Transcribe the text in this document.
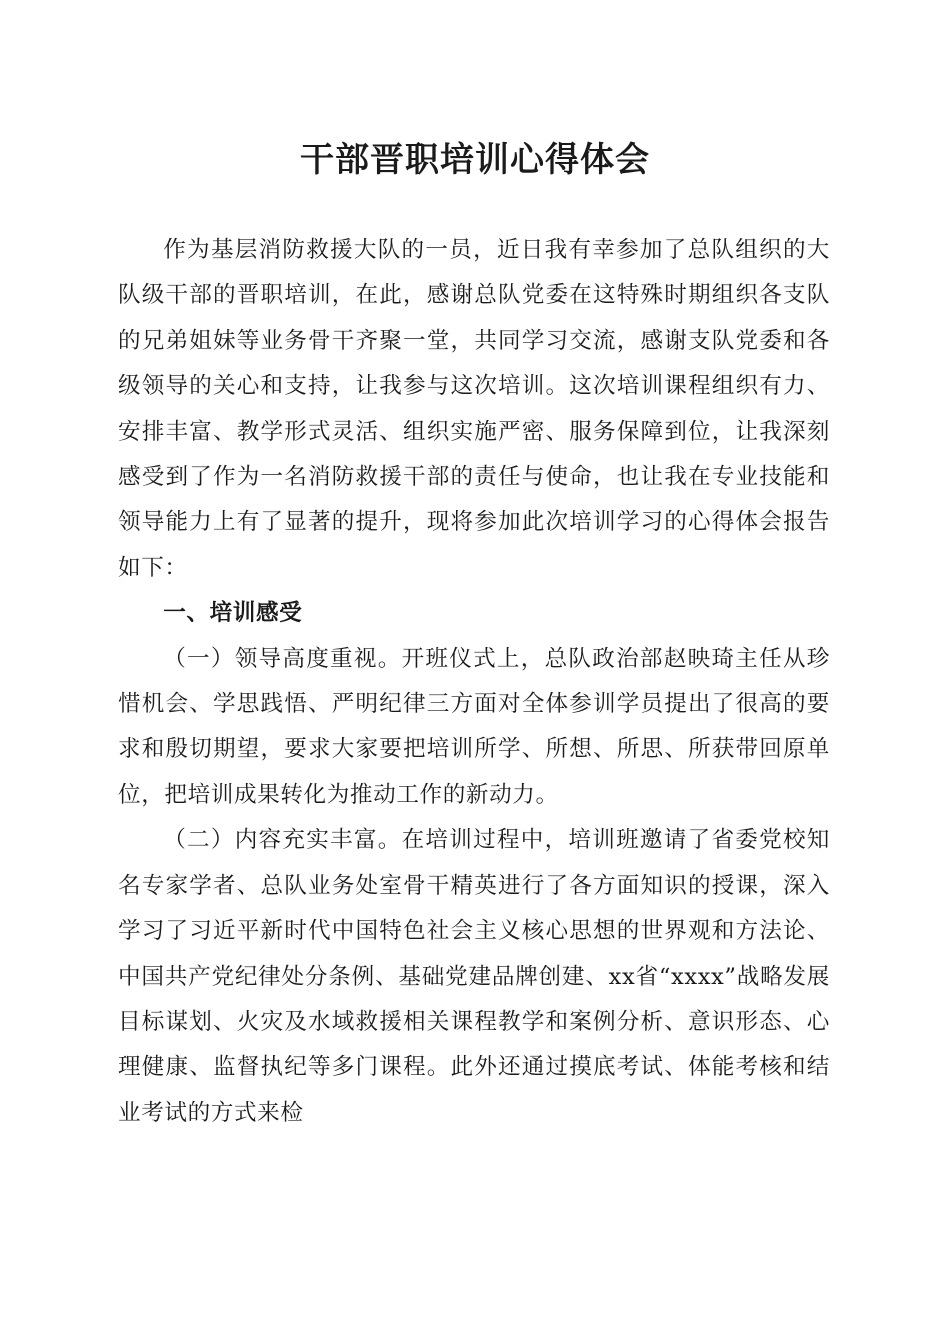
干部晋职培训心得体会

作为基层消防救援大队的一员，近日我有幸参加了总队组织的大队级干部的晋职培训，在此，感谢总队党委在这特殊时期组织各支队的兄弟姐妹等业务骨干齐聚一堂，共同学习交流，感谢支队党委和各级领导的关心和支持，让我参与这次培训。这次培训课程组织有力、安排丰富、教学形式灵活、组织实施严密、服务保障到位，让我深刻感受到了作为一名消防救援干部的责任与使命，也让我在专业技能和领导能力上有了显著的提升，现将参加此次培训学习的心得体会报告如下：

一、培训感受

（一）领导高度重视。开班仪式上，总队政治部赵映琦主任从珍惜机会、学思践悟、严明纪律三方面对全体参训学员提出了很高的要求和殷切期望，要求大家要把培训所学、所想、所思、所获带回原单位，把培训成果转化为推动工作的新动力。

（二）内容充实丰富。在培训过程中，培训班邀请了省委党校知名专家学者、总队业务处室骨干精英进行了各方面知识的授课，深入学习了习近平新时代中国特色社会主义核心思想的世界观和方法论、中国共产党纪律处分条例、基础党建品牌创建、xx省“xxxx”战略发展目标谋划、火灾及水域救援相关课程教学和案例分析、意识形态、心理健康、监督执纪等多门课程。此外还通过摸底考试、体能考核和结业考试的方式来检
